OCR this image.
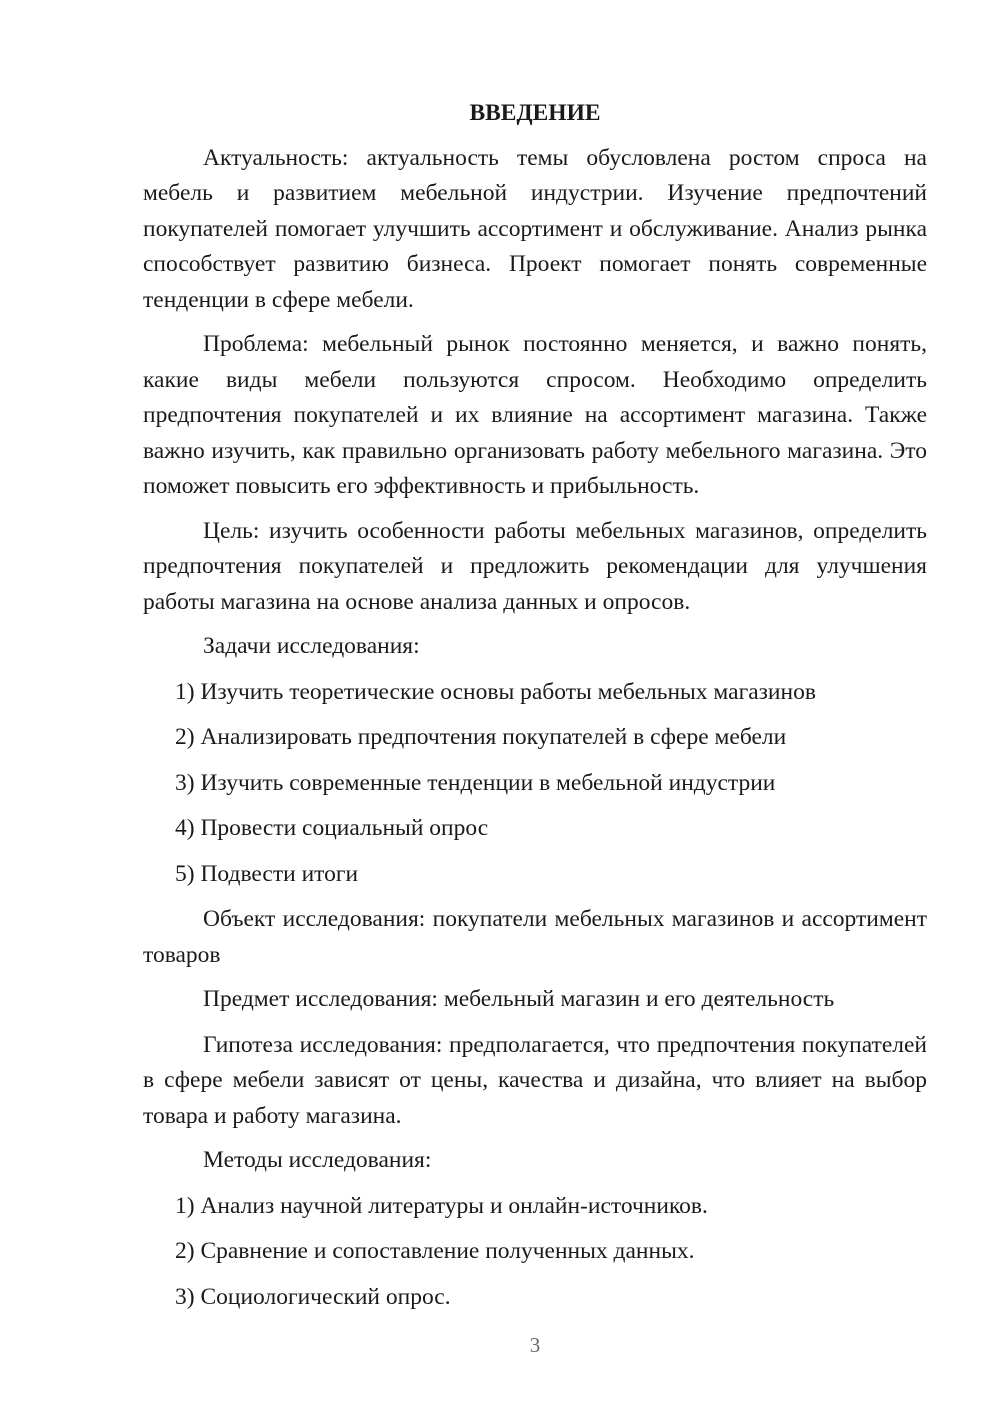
ВВЕДЕНИЕ
Актуальность: актуальность темы обусловлена ростом спроса на мебель и развитием мебельной индустрии. Изучение предпочтений покупателей помогает улучшить ассортимент и обслуживание. Анализ рынка способствует развитию бизнеса. Проект помогает понять современные тенденции в сфере мебели.
Проблема: мебельный рынок постоянно меняется, и важно понять, какие виды мебели пользуются спросом. Необходимо определить предпочтения покупателей и их влияние на ассортимент магазина. Также важно изучить, как правильно организовать работу мебельного магазина. Это поможет повысить его эффективность и прибыльность.
Цель: изучить особенности работы мебельных магазинов, определить предпочтения покупателей и предложить рекомендации для улучшения работы магазина на основе анализа данных и опросов.
Задачи исследования:
1) Изучить теоретические основы работы мебельных магазинов
2) Анализировать предпочтения покупателей в сфере мебели
3) Изучить современные тенденции в мебельной индустрии
4) Провести социальный опрос
5) Подвести итоги
Объект исследования: покупатели мебельных магазинов и ассортимент товаров
Предмет исследования: мебельный магазин и его деятельность
Гипотеза исследования: предполагается, что предпочтения покупателей в сфере мебели зависят от цены, качества и дизайна, что влияет на выбор товара и работу магазина.
Методы исследования:
1) Анализ научной литературы и онлайн-источников.
2) Сравнение и сопоставление полученных данных.
3) Социологический опрос.
3
